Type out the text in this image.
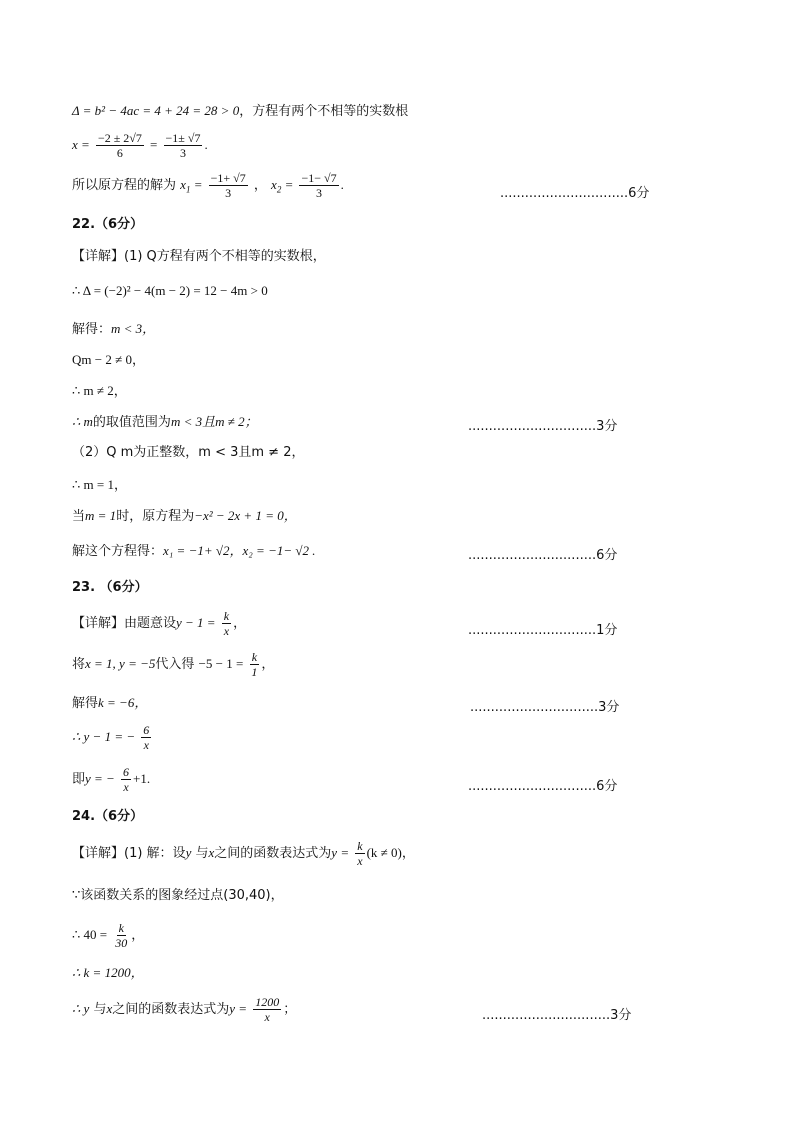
Δ = b² − 4ac = 4 + 24 = 28 > 0，方程有两个不相等的实数根
$x = \frac{-2 \pm 2√7}{6} = \frac{-1\pm √7}{3}$ .
所以原方程的解为 $x_1 = \frac{-1+ √7}{3}$ ， $x_2 = \frac{-1- √7}{3}$ .
...............................6分
22.（6分）
【详解】(1) Q方程有两个不相等的实数根，
∴ Δ = (−2)² − 4(m − 2) = 12 − 4m > 0
解得：m < 3，
Qm − 2 ≠ 0，
∴ m ≠ 2，
∴ m的取值范围为m < 3且m ≠ 2；	...............................3分
（2）Q m为正整数，m < 3且m ≠ 2，
∴ m = 1，
当m = 1时，原方程为−x² − 2x + 1 = 0，
解这个方程得：x₁ = −1+ √2，x₂ = −1− √2 .	...............................6分
23. （6分）
【详解】由题意设$y - 1 = \frac{k}{x}$ ，	...............................1分
将x = 1, y = −5代入得 $-5 - 1 = \frac{k}{1}$ ，
解得k = −6，	...............................3分
∴ y − 1 = − $\frac{6}{x}$
即y = − $\frac{6}{x} +1$.
...............................6分
24.（6分）
【详解】(1) 解：设y 与x之间的函数表达式为$y = \frac{k}{x} (k \ne 0)$，
∵该函数关系的图象经过点(30,40)，
∴ $40 = \frac{k}{30}$ ，
∴ k = 1200，
∴ y 与x之间的函数表达式为$y = \frac{1200}{x}$ ；	...............................3分
